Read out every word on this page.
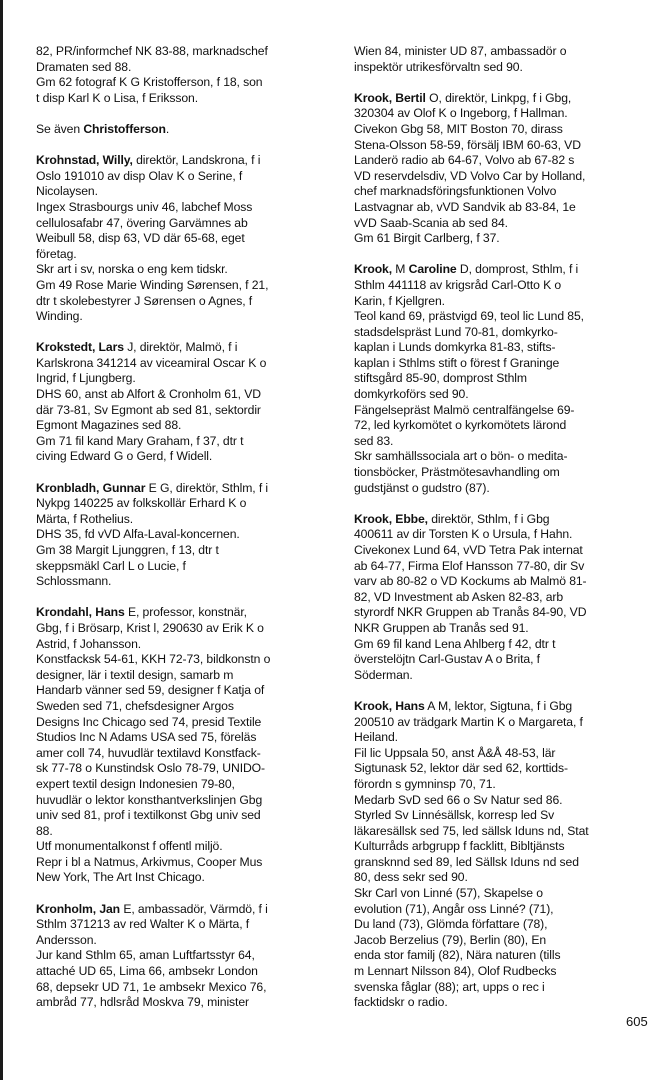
82, PR/informchef NK 83-88, marknadschef

Dramaten sed 88.

Gm 62 fotograf K G Kristofferson, f 18, son

t disp Karl K o Lisa, f Eriksson.

Se även Christofferson.

Krohnstad, Willy, direktör, Landskrona, f i

Oslo 191010 av disp Olav K o Serine, f

Nicolaysen.

Ingex Strasbourgs univ 46, labchef Moss

cellulosafabr 47, övering Garvämnes ab

Weibull 58, disp 63, VD där 65-68, eget

företag.

Skr art i sv, norska o eng kem tidskr.

Gm 49 Rose Marie Winding Sørensen, f 21,

dtr t skolebestyrer J Sørensen o Agnes, f

Winding.

Krokstedt, Lars J, direktör, Malmö, f i

Karlskrona 341214 av viceamiral Oscar K o

Ingrid, f Ljungberg.

DHS 60, anst ab Alfort & Cronholm 61, VD

där 73-81, Sv Egmont ab sed 81, sektordir

Egmont Magazines sed 88.

Gm 71 fil kand Mary Graham, f 37, dtr t

civing Edward G o Gerd, f Widell.

Kronbladh, Gunnar E G, direktör, Sthlm, f i

Nykpg 140225 av folkskollär Erhard K o

Märta, f Rothelius.

DHS 35, fd vVD Alfa-Laval-koncernen.

Gm 38 Margit Ljunggren, f 13, dtr t

skeppsmäkl Carl L o Lucie, f

Schlossmann.

Krondahl, Hans E, professor, konstnär,

Gbg, f i Brösarp, Krist l, 290630 av Erik K o

Astrid, f Johansson.

Konstfacksk 54-61, KKH 72-73, bildkonstn o

designer, lär i textil design, samarb m

Handarb vänner sed 59, designer f Katja of

Sweden sed 71, chefsdesigner Argos

Designs Inc Chicago sed 74, presid Textile

Studios Inc N Adams USA sed 75, föreläs

amer coll 74, huvudlär textilavd Konstfack-

sk 77-78 o Kunstindsk Oslo 78-79, UNIDO-

expert textil design Indonesien 79-80,

huvudlär o lektor konsthantverkslinjen Gbg

univ sed 81, prof i textilkonst Gbg univ sed

88.

Utf monumentalkonst f offentl miljö.

Repr i bl a Natmus, Arkivmus, Cooper Mus

New York, The Art Inst Chicago.

Kronholm, Jan E, ambassadör, Värmdö, f i

Sthlm 371213 av red Walter K o Märta, f

Andersson.

Jur kand Sthlm 65, aman Luftfartsstyr 64,

attaché UD 65, Lima 66, ambsekr London

68, depsekr UD 71, 1e ambsekr Mexico 76,

ambråd 77, hdlsråd Moskva 79, minister

Wien 84, minister UD 87, ambassadör o

inspektör utrikesförvaltn sed 90.

Krook, Bertil O, direktör, Linkpg, f i Gbg,

320304 av Olof K o Ingeborg, f Hallman.

Civekon Gbg 58, MIT Boston 70, dirass

Stena-Olsson 58-59, försälj IBM 60-63, VD

Landerö radio ab 64-67, Volvo ab 67-82 s

VD reservdelsdiv, VD Volvo Car by Holland,

chef marknadsföringsfunktionen Volvo

Lastvagnar ab, vVD Sandvik ab 83-84, 1e

vVD Saab-Scania ab sed 84.

Gm 61 Birgit Carlberg, f 37.

Krook, M Caroline D, domprost, Sthlm, f i

Sthlm 441118 av krigsråd Carl-Otto K o

Karin, f Kjellgren.

Teol kand 69, prästvigd 69, teol lic Lund 85,

stadsdelspräst Lund 70-81, domkyrko-

kaplan i Lunds domkyrka 81-83, stifts-

kaplan i Sthlms stift o förest f Graninge

stiftsgård 85-90, domprost Sthlm

domkyrkoförs sed 90.

Fängelsepräst Malmö centralfängelse 69-

72, led kyrkomötet o kyrkomötets lärond

sed 83.

Skr samhällssociala art o bön- o medita-

tionsböcker, Prästmötesavhandling om

gudstjänst o gudstro (87).

Krook, Ebbe, direktör, Sthlm, f i Gbg

400611 av dir Torsten K o Ursula, f Hahn.

Civekonex Lund 64, vVD Tetra Pak internat

ab 64-77, Firma Elof Hansson 77-80, dir Sv

varv ab 80-82 o VD Kockums ab Malmö 81-

82, VD Investment ab Asken 82-83, arb

styrordf NKR Gruppen ab Tranås 84-90, VD

NKR Gruppen ab Tranås sed 91.

Gm 69 fil kand Lena Ahlberg f 42, dtr t

överstelöjtn Carl-Gustav A o Brita, f

Söderman.

Krook, Hans A M, lektor, Sigtuna, f i Gbg

200510 av trädgark Martin K o Margareta, f

Heiland.

Fil lic Uppsala 50, anst Å&Å 48-53, lär

Sigtunask 52, lektor där sed 62, korttids-

förordn s gymninsp 70, 71.

Medarb SvD sed 66 o Sv Natur sed 86.

Styrled Sv Linnésällsk, korresp led Sv

läkaresällsk sed 75, led sällsk Iduns nd, Stat

Kulturråds arbgrupp f facklitt, Bibltjänsts

gransknnd sed 89, led Sällsk Iduns nd sed

80, dess sekr sed 90.

Skr Carl von Linné (57), Skapelse o

evolution (71), Angår oss Linné? (71),

Du land (73), Glömda författare (78),

Jacob Berzelius (79), Berlin (80), En

enda stor familj (82), Nära naturen (tills

m Lennart Nilsson 84), Olof Rudbecks

svenska fåglar (88); art, upps o rec i

facktidskr o radio.

605
